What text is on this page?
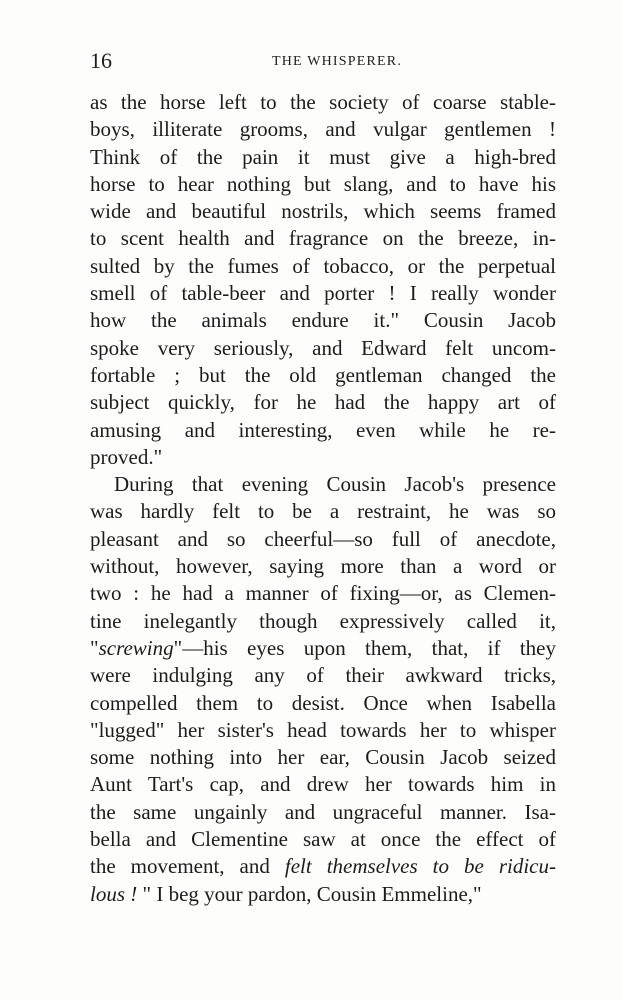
16	THE WHISPERER.
as the horse left to the society of coarse stable-
boys, illiterate grooms, and vulgar gentlemen !
Think of the pain it must give a high-bred
horse to hear nothing but slang, and to have his
wide and beautiful nostrils, which seems framed
to scent health and fragrance on the breeze, in-
sulted by the fumes of tobacco, or the perpetual
smell of table-beer and porter ! I really wonder
how the animals endure it." Cousin Jacob
spoke very seriously, and Edward felt uncom-
fortable ; but the old gentleman changed the
subject quickly, for he had the happy art of
amusing and interesting, even while he re-
proved."
During that evening Cousin Jacob's presence
was hardly felt to be a restraint, he was so
pleasant and so cheerful—so full of anecdote,
without, however, saying more than a word or
two : he had a manner of fixing—or, as Clemen-
tine inelegantly though expressively called it,
"screwing"—his eyes upon them, that, if they
were indulging any of their awkward tricks,
compelled them to desist. Once when Isabella
"lugged" her sister's head towards her to whisper
some nothing into her ear, Cousin Jacob seized
Aunt Tart's cap, and drew her towards him in
the same ungainly and ungraceful manner. Isa-
bella and Clementine saw at once the effect of
the movement, and felt themselves to be ridicu-
lous ! " I beg your pardon, Cousin Emmeline,"
